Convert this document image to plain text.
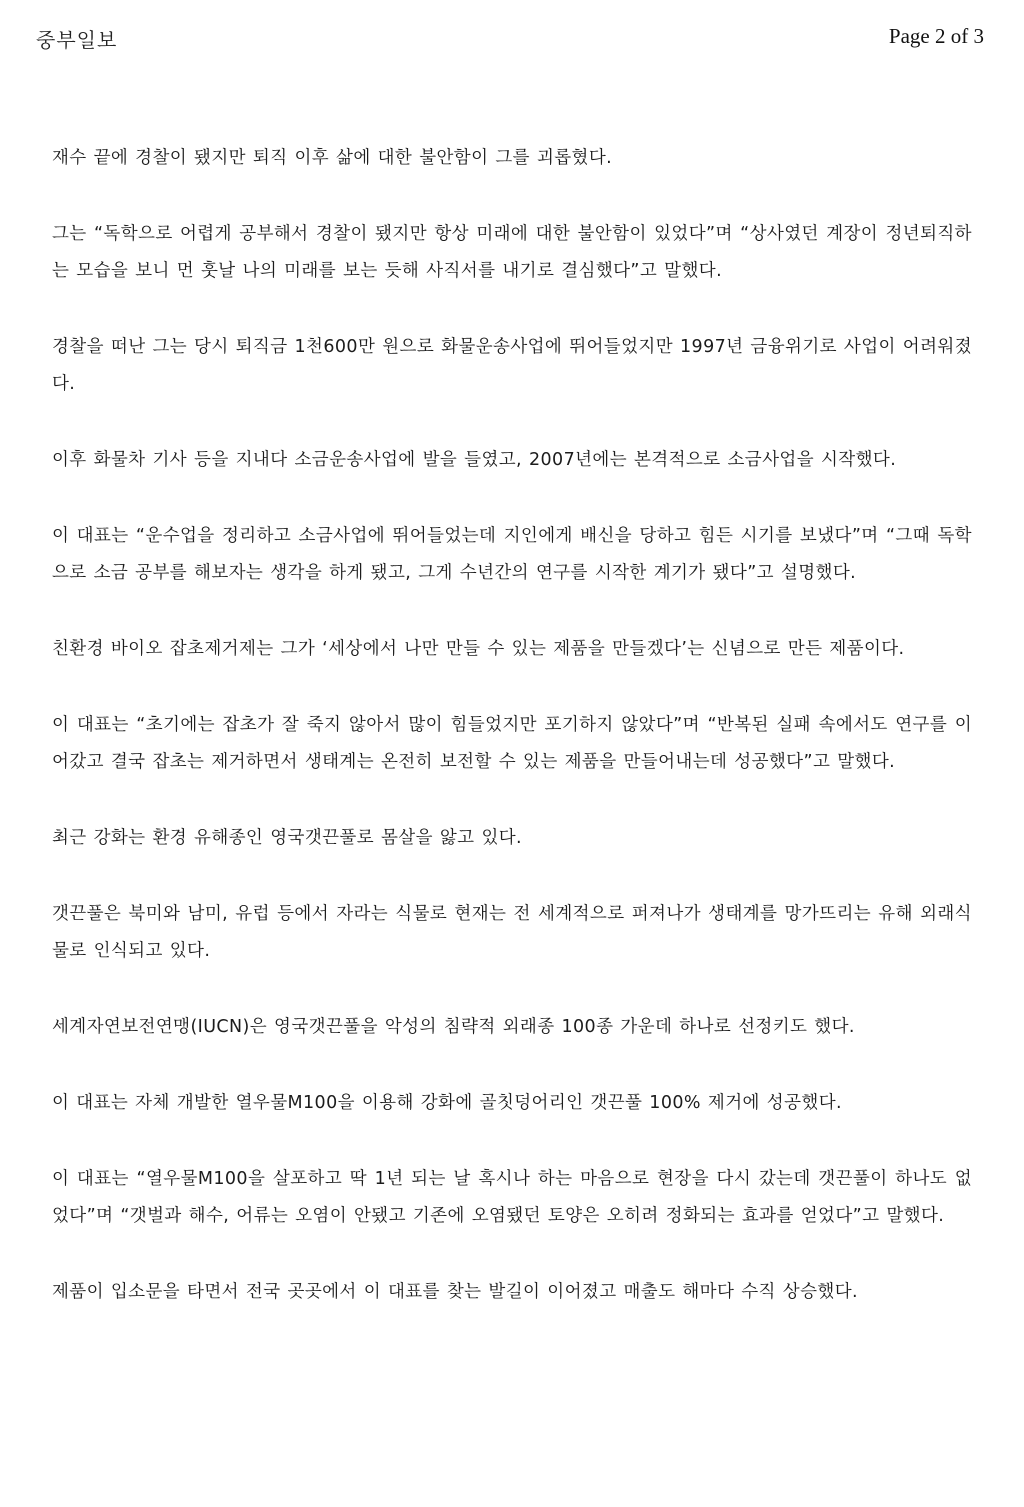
중부일보	Page 2 of 3

재수 끝에 경찰이 됐지만 퇴직 이후 삶에 대한 불안함이 그를 괴롭혔다.

그는 “독학으로 어렵게 공부해서 경찰이 됐지만 항상 미래에 대한 불안함이 있었다”며 “상사였던 계장이 정년퇴직하는 모습을 보니 먼 훗날 나의 미래를 보는 듯해 사직서를 내기로 결심했다”고 말했다.

경찰을 떠난 그는 당시 퇴직금 1천600만 원으로 화물운송사업에 뛰어들었지만 1997년 금융위기로 사업이 어려워졌다.

이후 화물차 기사 등을 지내다 소금운송사업에 발을 들였고, 2007년에는 본격적으로 소금사업을 시작했다.

이 대표는 “운수업을 정리하고 소금사업에 뛰어들었는데 지인에게 배신을 당하고 힘든 시기를 보냈다”며 “그때 독학으로 소금 공부를 해보자는 생각을 하게 됐고, 그게 수년간의 연구를 시작한 계기가 됐다”고 설명했다.

친환경 바이오 잡초제거제는 그가 ‘세상에서 나만 만들 수 있는 제품을 만들겠다’는 신념으로 만든 제품이다.

이 대표는 “초기에는 잡초가 잘 죽지 않아서 많이 힘들었지만 포기하지 않았다”며 “반복된 실패 속에서도 연구를 이어갔고 결국 잡초는 제거하면서 생태계는 온전히 보전할 수 있는 제품을 만들어내는데 성공했다”고 말했다.

최근 강화는 환경 유해종인 영국갯끈풀로 몸살을 앓고 있다.

갯끈풀은 북미와 남미, 유럽 등에서 자라는 식물로 현재는 전 세계적으로 퍼져나가 생태계를 망가뜨리는 유해 외래식물로 인식되고 있다.

세계자연보전연맹(IUCN)은 영국갯끈풀을 악성의 침략적 외래종 100종 가운데 하나로 선정키도 했다.

이 대표는 자체 개발한 열우물M100을 이용해 강화에 골칫덩어리인 갯끈풀 100% 제거에 성공했다.

이 대표는 “열우물M100을 살포하고 딱 1년 되는 날 혹시나 하는 마음으로 현장을 다시 갔는데 갯끈풀이 하나도 없었다”며 “갯벌과 해수, 어류는 오염이 안됐고 기존에 오염됐던 토양은 오히려 정화되는 효과를 얻었다”고 말했다.

제품이 입소문을 타면서 전국 곳곳에서 이 대표를 찾는 발길이 이어졌고 매출도 해마다 수직 상승했다.
